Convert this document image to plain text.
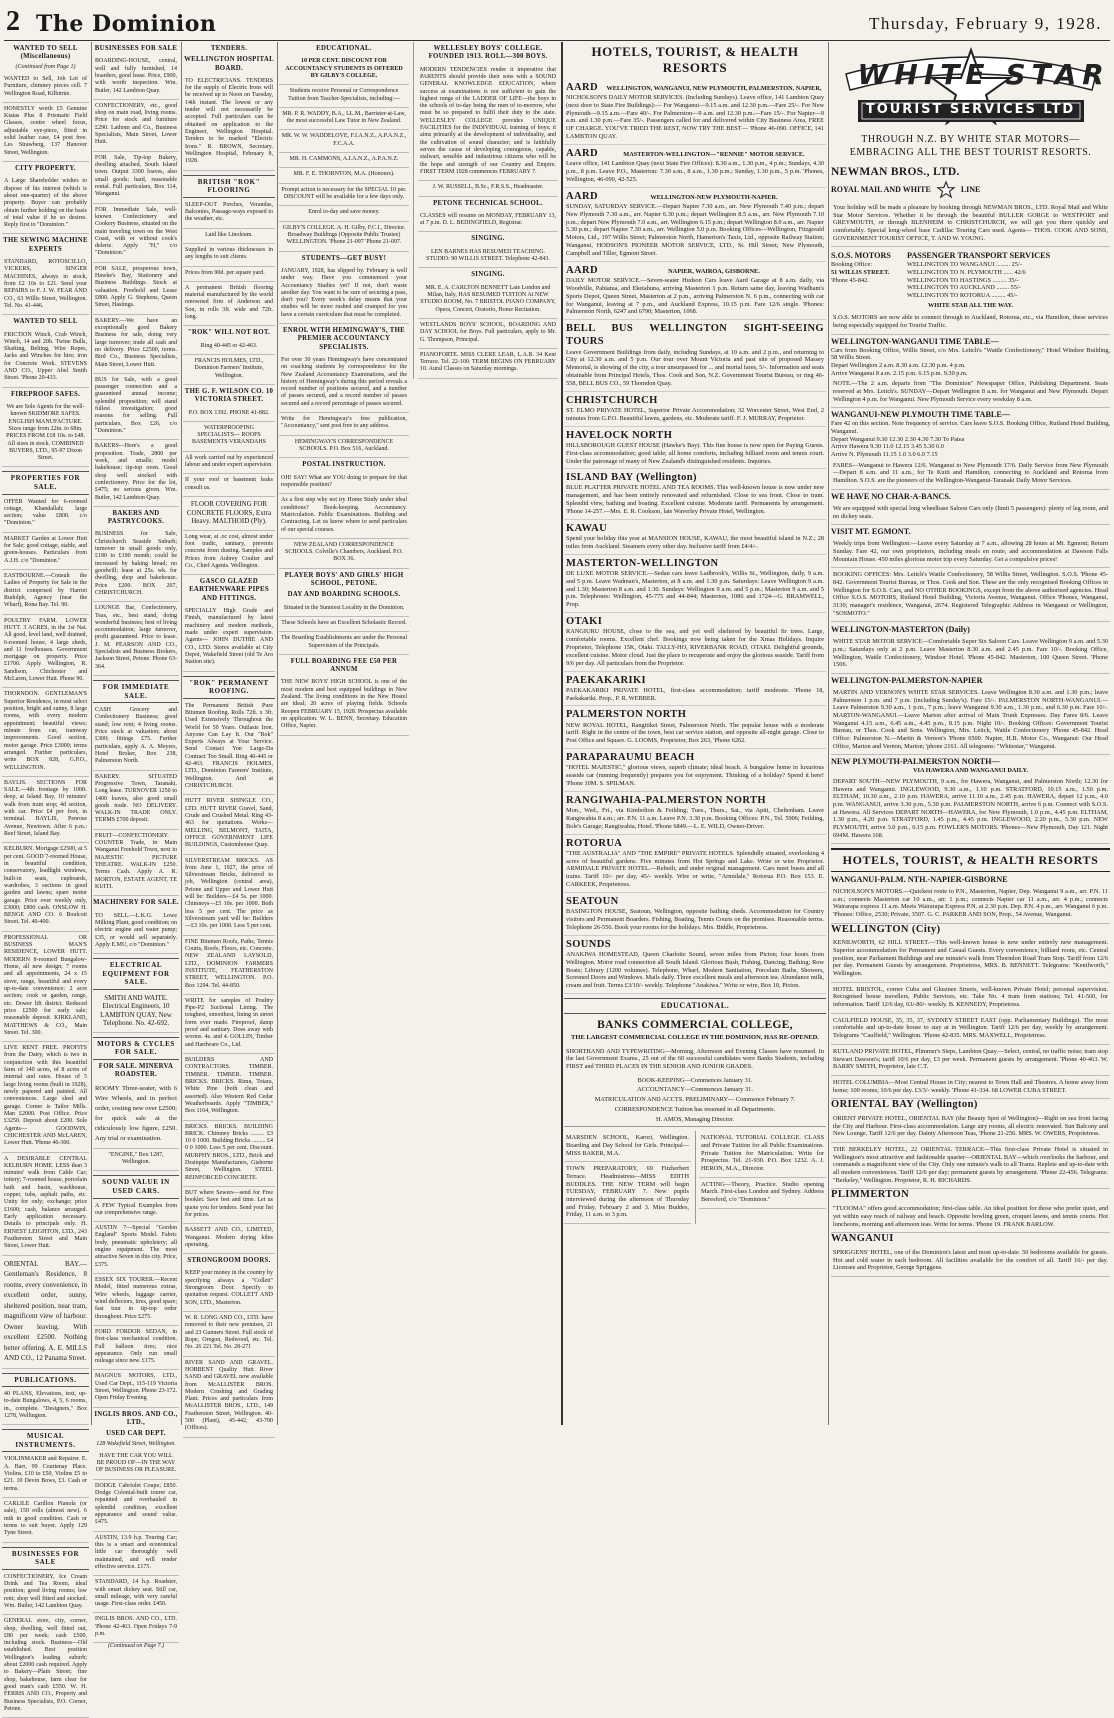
2 The Dominion	Thursday, February 9, 1928.
WANTED TO SELL (Miscellaneous)
(Continued from Page 1)
WANTED to Sell, Job Lot of Furniture, chimney pieces cell. 7 Wellington Road, Kilbirnie.
HONESTLY worth £5 Genuine Kiatas Plus 8 Prismatic Field Glasses, centre wheel focus, adjustable eye-piece, fitted in solid leather case, £4 post free. Les Strawberg, 137 Hanover Street, Wellington.
CITY PROPERTY.
A Large Shareholder wishes to dispose of his interest (which is about one-quarter) of the above property. Buyer can probably obtain further holding on the basis of total value if he so desires. Reply first to "Dominion."
THE SEWING MACHINE EXPERTS
STANDARD, ROTOSCILLO, VICKERS, SINGER MACHINES, always in stock, from £2 10s to £21. Send your REPAIRS to F. J. W. FEAR AND CO., 63 Willis Street, Wellington. Tel. No. 41-446.
WANTED TO SELL
FRICTION Winch, Crab Winch, Winch, 14 and 20h. Twine Bulls, Shafting, Belting, Wire Ropes, Jacks and Winches for hire; iron for Concrete Work. STEVENS AND CO., Upper Abel Smith Street. 'Phone 20-433.
FIREPROOF SAFES.
We are Sole Agents for the well-known SKIDMORE SAFES. ENGLISH MANUFACTURE. Sizes range from 22in. to 68in. PRICES FROM £18 10s. to £48. All sizes in stock. COMBINED BUYERS, LTD., 95-97 Dixon Street.
PROPERTIES FOR SALE.
OFFER Wanted for 6-roomed cottage, Khandallah; large section; value £800. c/o "Dominion."
MARKET Garden at Lower Hutt for Sale; good cottage, stable, and green-houses. Particulars from A.J.H. c/o "Dominion."
EASTBOURNE.—Consult the Ladies of Property for Sale in the district comprised by Harriet Rudolph, Agency (near the Wharf), Rona Bay. Tel. 90.
POULTRY FARM. LOWER HUTT. 3 ACRES, in the 1st Nat. All good, level land, well drained, 6-roomed house, 4 large sheds, and 11 fowlhouses. Government mortgage on property. Price £1700. Apply Wellington, R. Sandison, Chichester and McLaren, Lower Hutt. Phone 90.
THORNDON. GENTLEMAN'S Superior Residence, in most select position, bright and sunny, 8 large rooms, with every modern appointment; beautiful views; minute from car, tramway improvements. Good section, motor garage. Price £3000; terms arranged. Further particulars, write BOX 828, G.P.O., WELLINGTON.
BAYLIS. SECTIONS FOR SALE.—4th frontage by 100ft. deep, at Island Bay, 10 minutes' walk from tram stop; 4d section, with car. Price £4 per foot, in terminal. BAYLIS, Penrose Avenue, Newtown. After 6 p.m.: Reef Street, Island Bay.
KELBURN. Mortgage £2500, at 5 per cent. GOOD 7-roomed House, in beautiful condition, conservatory, leadlight windows, built-in seats, cupboards, wardrobes, 3 sections in good garden and lawns; spare motor garage. Price over weekly only, £3000; £800 cash. ONSLOW H. BENGE AND CO. 6 Boulcott Street. Tel. 40-400.
PROFESSIONAL OR BUSINESS MAN'S RESIDENCE, LOWER HUTT. MODERN 8-roomed Bungalow-Home, all new design; 7 rooms and all appointments, 24 x 15 stove, range, beautiful and every up-to-date convenience; 2 acre section; cook or garden, range, etc. Dower lift district. Reduced price £2500 for early sale; reasonable deposit. KIRKLAND, MATTHEWS & CO., Main Street. Tel. 300.
LIVE RENT FREE. PROFITS from the Dairy, which is two in conjunction with this beautiful farm of 140 acres, of 8 acres of internal and rates. House of 5 large living rooms (built in 1928), newly papered and painted. All conveniences. Large shed and garage. Corner is Tailor Mills. Man £2000. Post Office. Price £3250. Deposit about £200. Sole Agents— GOODWIN, CHICHESTER AND McLAREN, Lower Hutt. 'Phone 46-300.
A DESIRABLE CENTRAL KELBURN HOME. LESS than 3 minutes' walk from Cable Car; tottery; 7-roomed house, porcelain bath and basin, washhouse, copper, tubs, asphalt paths, etc. Unity for only; exchange; price £1600; cash, balance arranged. Early application necessary. Details to principals only. H. ERNEST LEIGHTON, LTD., 243 Featherston Street and Main Street, Lower Hutt.
ORIENTAL BAY.—Gentleman's Residence, 8 rooms, every convenience, in excellent order, sunny, sheltered position, near tram, magnificent view of harbour. Owner leaving. With excellent £2500. Nothing better offering. A. E. MILLS AND CO., 12 Panama Street.
PUBLICATIONS.
40 PLANS, Elevations, text, up-to-date Bungalows, 4, 5, 6 rooms, in., complete. "Designers," Box 1278, Wellington.
MUSICAL INSTRUMENTS.
VIOLINMAKER and Repairer. E. A. Barr, 99 Courtenay Place. Violins, £10 to £50, Violins £5 to £21. 10 Devin Bows, £3. Cash or terms.
CARLILE Carillon Pianola (or sale), 150 rolls (almost new). 6 mth in good condition. Cash or terms to suit buyer. Apply 129 Tyne Street.
BUSINESSES FOR SALE
CONFECTIONERY, Ice Cream Drink and Tea Room, ideal position; good living rooms; low rent; shop well fitted and stocked. Wm. Butler, 142 Lambton Quay.
GENERAL store, city, corner, shop, dwelling, well fitted out, £80 per week; cash £500, including stock. Business—Old established. Best position Wellington's leading suburb; about £2000 cash required. Apply to Bakery—Plain Street; fine shop, bakehouse, farm clear for good man's cash £550. W. H. FERRIS AND CO., Property and Business Specialists, P.O. Corner, Petone.
BUSINESSES FOR SALE
BOARDING-HOUSE, central, well and fully furnished, 14 boarders, good lease. Price, £900, with worth inspection. Wm. Butler, 142 Lambton Quay.
CONFECTIONERY, etc., good shop on main road, living rooms. Price for stock and furniture £290. Lathom and Co., Business Specialists, Main Street, Lower Hutt.
FOR Sale, Tip-top Bakery, dwelling attached, South Island town. Output 3300 loaves, also small goods; hard, reasonable rental. Full particulars, Box 114, Wanganui.
FOR Immediate Sale, well-known Confectionery and Cookery Business, situated on the main traveling town on the West Coast, with or without cook's delerie. Apply "H," c/o "Dominion."
FOR SALE, prosperous town, Hawke's Bay, Stationery and Business Buildings. Stock at valuation. Freehold and Lease £800. Apply G. Stephens, Queen Street, Hastings.
BAKERY.—We have an exceptionally good Bakery Business for sale, doing very large turnover; trade all cash and no delivery. Price £2500, terms. Bird Co., Business Specialists, Main Street, Lower Hutt.
BUS for Sale, with a good passenger connection and a guaranteed annual income; splendid proposition; will stand fullest investigation; good reasons for selling. Full particulars, Box £26, c/o "Dominion."
BAKERS—Here's a good proposition. Trade, 2800 per week, and smalls; model bakehouse; tip-top oven. Good shop well stocked with confectionery. Price for the lot, £475; no serious given. Wm. Butler, 142 Lambton Quay.
BAKERS AND PASTRYCOOKS.
BUSINESS for Sale, Christchurch Seaside Suburb; turnover in small goods only, £180 to £190 month; could be increased by baking bread; no goodwill; lease at 25s. wk. for dwelling, shop and bakehouse. Price £200. BOX 267, CHRISTCHURCH.
LOUNGE Bar, Confectionery, Teas, etc., best stand, doing wonderful business; best of living accommodation; large turnover, profit guaranteed. Price to lease. J. M. PEARSON AND CO., Specialists and Business Brokers, Jackson Street, Petone. Phone 63-364.
FOR IMMEDIATE SALE.
CASH Grocery and Confectionery Business; good stand; low rent; 4 living rooms. Price stock at valuation; about £300; fittings £75. Further particulars, apply A. A. Meyers, Hotel Broker, Box 238, Palmerston North.
BAKERY. SITUATED Progressive Town, Taranaki. Long lease. TURNOVER 1250 to 1400 loaves, also good small goods trade. NO DELIVERY. WALK-IN TRADE ONLY. TERMS £700 deposit.
FRUIT—CONFECTIONERY. COUNTER Trade, in Main Wanganui Freehold Town, next to MAJESTIC PICTURE THEATRE. WALK-IN £250. Terms Cash. Apply A. R. MORTON, ESTATE AGENT, TE KUITI.
MACHINERY FOR SALE.
TO SELL.—L.K.G. Lowe Milking Plant, good condition; on electric engine and water pump; £35, or would sell separately. Apply E.MU, c/o "Dominion."
ELECTRICAL EQUIPMENT FOR SALE.
SMITH AND WAITE. Electrical Engineers, 10 LAMBTON QUAY, New Telephone. No. 42-692.
MOTORS & CYCLES FOR SALE.
FOR SALE. MINERVA ROADSTER.
ROOMY Three-seater, with 6 Wire Wheels, and in perfect order, costing new over £2500; for quick sale at the ridiculously low figure, £250. Any trial or examination.
"ENGINE," Box 1287, Wellington.
SOUND VALUE IN USED CARS.
A FEW Typical Examples from our comprehensive range.
AUSTIN 7—Special "Gordon England" Sports Model. Fabric body, pneumatic upholstery; all engine equipment. The most attractive Seven in this city. Price, £375.
ESSEX SIX TOURER.—Recent Model, fitted numerous extras, Wire wheels, luggage carrier, wind deflectors, tires, good spare; fast tour in tip-top order throughout. Price £275.
FORD FORDOR SEDAN, in first-class mechanical condition. Full balloon tires; nice appearance. Only run small mileage since new. £175.
MAGNUS MOTORS, LTD., Used Car Dept., 115-119 Victoria Street, Wellington. Phone 23-172. Open Friday Evening
INGLIS BROS. AND CO., LTD.,
USED CAR DEPT.
128 Wakefield Street, Wellington.
HAVE THE CAR YOU WILL BE PROUD OF—IN THE WAY OF BUSINESS OR PLEASURE.
DODGE Cabriolet Coupe; £850. Dodge Colonial-built tourer car, repainted and overhauled in splendid condition, excellent appearance and sound value. £475.
AUSTIN, 13.9 h.p. Touring Car; this is a smart and economical little car thoroughly well maintained, and will render effective service. £175.
STANDARD, 14 h.p. Roadster, with smart dickey seat. Still car, small mileage, with very careful usage. First-class order. £450.
INGLIS BROS. AND CO., LTD. 'Phone 42-463. Open Fridays 7-9 p.m.
(Continued on Page 7.)
TENDERS.
WELLINGTON HOSPITAL BOARD.
TO ELECTRICIANS. TENDERS for the supply of Electric Irons will be received up to Noon on Tuesday, 14th instant. The lowest or any tender will not necessarily be accepted. Full particulars can be obtained on application to the Engineer, Wellington Hospital. Tenders to be marked "Electric Irons." R. BROWN, Secretary. Wellington Hospital, February 8, 1928.
BRITISH "ROK" FLOORING
SLEEP-OUT Porches, Verandas, Balconies, Passage-ways exposed to the weather, etc.
Laid like Linoleum.
Supplied in various thicknesses in any lengths to suit clients.
Prices from 90d. per square yard.
A permanent British flooring material manufactured by the world renowned firm of Anderson and Son, in rolls 3ft. wide and 72ft. long.
"ROK" WILL NOT ROT.
Ring 40-445 or 42-463.
FRANCIS HOLMES, LTD., Dominion Farmers' Institute, Wellington.
THE G. F. WILSON CO. 10 VICTORIA STREET.
P.O. BOX 1392. PHONE 41-882.
WATERPROOFING SPECIALISTS— ROOFS BASEMENTS VERANDAHS
All work carried out by experienced labour and under expert supervision.
If your roof or basement leaks consult us.
FLOOR COVERING FOR CONCRETE FLOORS, Extra Heavy. MALTHOID (Ply).
Long wear, at .oc cost, almost under foot tradic, sanitary, prevents concrete from dusting. Samples and Prices from Aubrey Coulter and Co., Chief Agents. Wellington.
GASCO GLAZED EARTHENWARE PIPES AND FITTINGS.
SPECIALLY High Grade and Finish, manufactured by latest machinery and modern methods, made under expert supervision. Agents— JOHN DUTHIE AND CO., LTD. Stores available at City Depot, Wakefield Street (old Te Aro Station site).
"ROK" PERMANENT ROOFING.
The Permanent British Pure Bitumen Roofing. Rolls 72ft. x 3ft. Used Extensively Throughout the World for 50 Years. Outlasts Iron. Anyone Can Lay It. Our "Rok" Experts Always at Your Service. Send Contact Yon Large-Da Contract Too Small. Ring 40-445 or 42-463. FRANCIS HOLMES, LTD., Dominion Farmers' Institute, Wellington. And at CHRISTCHURCH.
HUTT RIVER SHINGLE CO., LTD. HUTT RIVER Gravel, Sand, Crude and Crushed Metal. Ring 43-463 for quotations. Works— MELLING, BELMONT, TAITA, OFFICE GOVERNMENT LIFE BUILDINGS, Customhouse Quay.
SILVERSTREAM BRICKS. AS from June 1, 1927, the price of Silverstream Bricks, delivered to job, Wellington (central area), Petone and Upper and Lower Hutt will be: Builders—£4 5s. per 1000. Chimneys—£5 10s. per 1000. Both less 5 per cent. The price as Silverstream yard will be: Builders—£3 10s. per 1000. Less 5 per cent.
FINE Bitumen Roofs, Paths, Tennis Courts, Roofs, Floors, etc. Concrete. NEW ZEALAND LAYSOLD, LTD., DOMINION FARMERS INSTITUTE, FEATHERSTON STREET, WELLINGTON. P.O. Box 1294. Tel. 44-850.
WRITE for samples of Poultry Pipe-P2 Suctional Lining. The toughest, smoothest, lining in street form ever made. Fireproof, damp proof and sanitary. Does away with worms. 4s. and 4. GOLLIN, Timber and Hardware Co., Ltd.
BUILDERS AND CONTRACTORS. TIMBER. TIMBER. TIMBER. TIMBER. BRICKS. BRICKS. Rimu, Totara, White Pine (both clean and assorted). Also Western Red Cedar Weatherboards. Apply "TIMBER," Box 1164, Wellington.
BRICKS. BRICKS. BUILDING BRICK. Chimney Bricks ......... £3 10 0 1000. Building Bricks ......... £4 0 0 1000. Less 5 per cent. Discount. MURPHY BROS., LTD., Brick and Drainpipe Manufacturers, Gisborne Street, Wellington. STEEL REINFORCED CONCRETE.
BUT where Sewers—send for Free booklet. Save feet and time. Let us quote you for tenders. Send your list for prices.
BASSETT AND CO., LIMITED, Wanganui. Modern drying kilns operating.
STRONGROOM DOORS.
KEEP your money in the country by specifying always a "Collett" Strongroom Door. Specify to quotation request. COLLETT AND SON, LTD., Masterton.
W. R. LONG AND CO., LTD. have removed to their new premises, 21 and 23 Gunners Street. Full stock of Rope, Oregon, Redwood, etc. Tel. No. 26 221 Tel. No. 28-271
RIVER SAND AND GRAVEL. HOBBENT Quality Hutt River SAND and GRAVEL now available from McALLISTER BROS. Modern Crushing and Grading Plant. Prices and particulars from McALLISTER BROS., LTD., 149 Featherston Street, Wellington. 40-500 (Plant), 45-442, 43-700 (Offices).
EDUCATIONAL.
10 PER CENT. DISCOUNT FOR ACCOUNTANCY STUDENTS IS OFFERED BY GILBY'S COLLEGE.
Students receive Personal or Correspondence Tuition from Teacher-Specialists, including:—
MR. P. R. WADDY, B.A., LL.M., Barrister-at-Law, the most successful Law Tutor in New Zealand.
MR. W. W. WADDELOVE, F.I.A.N.Z., A.P.A.N.Z., F.C.A.A.
MR. H. CAMMONS, A.I.A.N.Z., A.P.A.N.Z.
MR. F. E. THORNTON, M.A. (Honours).
Prompt action is necessary for the SPECIAL 10 per. DISCOUNT will be available for a few days only.
Enrol to-day and save money.
GILBY'S COLLEGE. A. H. Gilby, F.C.I., Director. Broadway Buildings (Opposite Public Trustee) WELLINGTON. 'Phone 21-097 'Phone 21-097.
STUDENTS—GET BUSY!
JANUARY, 1928, has slipped by. February is well under way. Have you commenced your Accountancy Studies yet? If not, don't waste another day. You want to be sure of securing a pass, don't you? Every week's delay means that your studies will be more rushed and cramped for you have a certain curriculum that must be completed.
ENROL WITH HEMINGWAY'S, THE PREMIER ACCOUNTANCY SPECIALISTS.
For over 30 years Hemingway's have concentrated on coaching students by correspondence for the New Zealand Accountancy Examinations, and the history of Hemingway's during this period reveals a record number of positions secured, and a number of passes secured, and a record number of passes secured and a record percentage of passes secured.
Write for Hemingway's free publication, "Accountancy," sent post free to any address.
HEMINGWAY'S CORRESPONDENCE SCHOOLS. P.O. Box 516, Auckland.
POSTAL INSTRUCTION.
OH! SAY! What are YOU doing to prepare for that responsible position?
As a first step why not try Home Study under ideal conditions? Book-keeping. Accountancy. Matriculation. Public Examinations. Building and Contracting. Let us know where to send particulars of our special courses.
NEW ZEALAND CORRESPONDENCE SCHOOLS. Colville's Chambers, Auckland. P.O. BOX 36.
PLAYER BOYS' AND GIRLS' HIGH SCHOOL, PETONE.
DAY AND BOARDING SCHOOLS.
Situated in the Sunniest Locality in the Dominion.
These Schools have an Excellent Scholastic Record.
The Boarding Establishments are under the Personal Supervision of the Principals.
FULL BOARDING FEE £50 PER ANNUM
THE NEW BOYS' HIGH SCHOOL is one of the most modern and best equipped buildings in New Zealand. The living conditions in the New Hostel are ideal; 20 acres of playing fields. Schools Reopen FEBRUARY 15, 1928. Prospectus available on application. W. L. BENN, Secretary. Education Office, Napier.
WELLESLEY BOYS' COLLEGE. FOUNDED 1913. ROLL—300 BOYS.
MODERN TENDENCIES render it imperative that PARENTS should provide their sons with a SOUND GENERAL KNOWLEDGE EDUCATION, where success at examinations is not sufficient to gain the highest rungs of the LADDER OF LIFE—the boys in the schools of to-day being the men of to-morrow, who must be so prepared to fulfil their duty to the state. WELLESLEY COLLEGE provides UNIQUE FACILITIES for the INDIVIDUAL training of boys; it aims primarily at the development of individuality, and the cultivation of sound character; and is faithfully serves the cause of developing courageous, capable, stalwart, sensible and industrious citizens who will be the hope and strength of our Country and Empire. FIRST TERM 1928 commences FEBRUARY 7.
J. W. RUSSELL, B.Sc., F.R.S.S., Headmaster.
PETONE TECHNICAL SCHOOL.
CLASSES will resume on MONDAY, FEBRUARY 13, at 7 p.m. D. L. BEDINGFIELD, Registrar.
SINGING.
LEN BARNES HAS RESUMED TEACHING. STUDIO: 90 WILLIS STREET. Telephone 42-843.
SINGING.
MR. E. A. CARLTON BENNETT Late London and Milan, Italy, HAS RESUMED TUITION At NEW STUDIO ROOM, No. 7 BRISTOL PIANO COMPANY, Opera, Concert, Oratorio, Home Recitation.
WESTLANDS BOYS' SCHOOL, BOARDING AND DAY SCHOOL for Boys. Full particulars, apply to Mr. G. Thompson, Principal.
PIANOFORTE. MISS CLERE LEAR, L.A.B. 34 Kent Terrace. Tel. 22-100. TERM BEGINS ON FEBRUARY 10. Aural Classes on Saturday mornings.
HOTELS, TOURIST, & HEALTH RESORTS
AARD	WELLINGTON, WANGANUI, NEW PLYMOUTH, PALMERSTON, NAPIER,
NICHOLSON'S DAILY MOTOR SERVICES. (Including Sundays). Leave office, 141 Lambton Quay (next door to State Fire Buildings):— For Wanganui—9.15 a.m. and 12.30 p.m.—Fare 25/-. For New Plymouth—9.15 a.m.—Fare 40/-. For Palmerston—9 a.m. and 12.30 p.m.—Fare 15/-. For Napier—9 a.m. and 1.30 p.m.—Fare 35/-. Passengers called for and delivered within City Business Area, FREE OF CHARGE. YOU'VE TRIED THE REST, NOW TRY THE BEST— 'Phone 46-090. OFFICE, 141 LAMBTON QUAY.
AARD	MASTERTON-WELLINGTON—"RENNIE" MOTOR SERVICE.
Leave office, 141 Lambton Quay (next State Fire Offices): 8.30 a.m., 1.30 p.m., 4 p.m.; Sundays, 4.30 p.m., 8 p.m. Leave P.O., Masterton: 7.30 a.m., 8 a.m., 1.30 p.m.; Sunday, 1.30 p.m., 5 p.m. 'Phones, Wellington, 46-090, 42-525.
AARD	WELLINGTON-NEW PLYMOUTH-NAPIER.
SUNDAY, SATURDAY SERVICE.—Depart Napier 7.30 a.m., arr. New Plymouth 7.40 p.m.; depart New Plymouth 7.30 a.m., arr. Napier 6.30 p.m.; depart Wellington 8.5 a.m., arr. New Plymouth 7.10 p.m.; depart New Plymouth 7.0 a.m., arr. Wellington 6.15 p.m.; depart Wellington 8.0 a.m., arr. Napier 5.30 p.m.; depart Napier 7.30 a.m., arr. Wellington 5.0 p.m. Booking Offices—Wellington, Fitzgerald Motors, Ltd., 197 Willis Street; Palmerston North, Hamerton's Taxis, Ltd., opposite Railway Station; Wanganui, HODSON'S PIONEER MOTOR SERVICE, LTD., St. Hill Street; New Plymouth, Campbell and Tiller, Egmont Street.
AARD	NAPIER, WAIROA, GISBORNE.
DAILY MOTOR SERVICE.—Seven-seater Hudson Cars leave Aard Garage at 8 a.m. daily, via Woodville, Pahiatua, and Eketahuna, arriving Masterton 1 p.m. Return same day, leaving Wadham's Sports Depot, Queen Street, Masterton at 2 p.m., arriving Palmerston N. 6 p.m., connecting with car for Wanganui, leaving at 7 p.m., and Auckland Express, 10.15 p.m. Fare 12/6 single. 'Phones: Palmerston North, 6247 and 6790; Masterton, 1068.
BELL BUS WELLINGTON SIGHT-SEEING TOURS
Leave Government Buildings from daily, including Sundays, at 10 a.m. and 2 p.m., and returning to City at 12.30 a.m. and 5 p.m. Our tour over Mount Victoria and past site of proposed Massey Memorial, is showing of the city, a tour unsurpassed for ... and mortal fares, 5/-. Information and seats obtainable from Principal Hotels, Thos. Cook and Son, N.Z. Government Tourist Bureau, or ring 46-558, BELL BUS CO., 59 Thorndon Quay.
CHRISTCHURCH
ST. ELMO PRIVATE HOTEL, Superior Private Accommodation; 32 Worcester Street, West End, 2 minutes from G.P.O. Beautiful lawns, gardens, etc. Moderate tariff. F. J. MURRAY, Proprietor.
HAVELOCK NORTH
HILLSBOROUGH GUEST HOUSE (Hawke's Bay). This fine house is now open for Paying Guests. First-class accommodation; good table; all home comforts, including billiard room and tennis court. Under the patronage of many of New Zealand's distinguished residents. Inquiries.
ISLAND BAY (Wellington)
BLUE PLATTER PRIVATE HOTEL AND TEA ROOMS. This well-known house is now under new management, and has been entirely renovated and refurnished. Close to sea front. Close to tram. Splendid view, bathing and boating. Excellent cuisine. Moderate tariff. Permanents by arrangement. 'Phone 14-257.—Mrs. E. R. Cookson, late Waverley Private Hotel, Wellington.
KAWAU
Spend your holiday this year at MANSION HOUSE, KAWAU, the most beautiful island in N.Z.; 28 miles from Auckland. Steamers every other day. Inclusive tariff from £4/4/-.
MASTERTON-WELLINGTON
DE LUXE MOTOR SERVICE.—Sedan cars leave Ladbrook's, Willis St., Wellington, daily, 9 a.m. and 5 p.m. Leave Wadman's, Masterton, at 8 a.m. and 1.30 p.m. Saturdays: Leave Wellington 9 a.m. and 1.30; Masterton 8 a.m. and 1.30. Sundays: Wellington 9 a.m. and 5 p.m.; Masterton 9 a.m. and 5 p.m. Telephones: Wellington, 45-775 and 44-844; Masterton, 1086 and 1724—G. BRAMWELL, Prop.
OTAKI
RANGIURU HOUSE, close to the sea, and yet well sheltered by beautiful fir trees. Large, comfortable rooms. Excellent chef. Bookings now being taken for the Xmas Holidays. Inquire Proprietor, Telephone 15K, Otaki. TALLY-HO, RIVERBANK ROAD, OTAKI. Delightful grounds, excellent cuisine. Motor cloud. Just the place to recuperate and enjoy the glorious seaside. Tariff from 9/6 per day. All particulars from the Proprietor.
PAEKAKARIKI
PAEKAKARIKI PRIVATE HOTEL, first-class accommodation; tariff moderate. 'Phone 18, Paekakariki. Prop., P. R. WEBBER.
PALMERSTON NORTH
NEW ROYAL HOTEL, Rangitikei Street, Palmerston North. The popular house with a moderate tariff. Right in the centre of the town, best car service station, and opposite all-night garage. Close to Post Office and Square. G. LOOMS, Proprietor, Box 263, 'Phone 6262.
PARAPARAUMU BEACH
"HOTEL MAJESTIC," glorious views, superb climate; ideal beach. A bungalow home in luxurious seaside car (running frequently) prepares you for enjoyment. Thinking of a holiday? Spend it here! 'Phone 10M. S. SPILMAN.
RANGIWAHIA-PALMERSTON NORTH
Mon., Wed., Fri., via Kimbolton & Feilding; Tues., Thurs., Sat., via Apiti, Cheltenham. Leave Rangiwahia 8 a.m.; arr. P.N. 11 a.m. Leave P.N. 3.30 p.m. Booking Offices: P.N., Tel. 5906; Feilding, Bole's Garage; Rangiwahia, Hotel. 'Phone 6849.—L. E. WILD, Owner-Driver.
ROTORUA
"THE AUSTRALIA" AND "THE EMPIRE" PRIVATE HOTELS. Splendidly situated, overlooking 4 acres of beautiful gardens. Five minutes from Hot Springs and Lake. Write or wire Proprietor. ARMIDALE PRIVATE HOTEL.—Rebuilt, and under original management. Cars meet buses and all trains. Tariff 10/- per day, 45/- weekly. Wire or write, "Armidale," Rotorua P.O. Box 153. E. CARKEEK, Proprietress.
SEATOUN
BASINGTON HOUSE, Seatoun, Wellington, opposite bathing sheds. Accommodation for Country visitors and Permanent Boarders. Fishing, Boating, Tennis Courts on the premises. Reasonable terms. Telephone 26-556. Book your rooms for the holidays. Mrs. Biddle, Proprietress.
SOUNDS
ANAKIWA HOMESTEAD, Queen Charlotte Sound, seven miles from Picton; four hours from Wellington. Motor road connection all South Island. Glorious Bush, Fishing, Dancing, Bathing; Row Boats; Library (1200 volumes). Telephone, Wharf, Modern Sanitation, Porcelain Baths, Showers, Screened Doors and Windows. Mails daily. Three excellent meals and afternoon tea. Abundance milk, cream and fruit. Terms £3/10/- weekly. Telephone "Anakiwa." Write or wire, Box 10, Picton.
EDUCATIONAL.
BANKS COMMERCIAL COLLEGE,
THE LARGEST COMMERCIAL COLLEGE IN THE DOMINION, HAS RE-OPENED.
SHORTHAND AND TYPEWRITING—Morning, Afternoon and Evening Classes have resumed. In the last Government Exams., 25 out of the 60 successful candidates were Banks Students, including FIRST and THIRD PLACES IN THE SENIOR AND JUNIOR GRADES.
BOOK-KEEPING—Commences January 31.
ACCOUNTANCY—Commences January 31.
MATRICULATION AND ACCTS. PRELIMINARY— Commence February 7.
CORRESPONDENCE Tuition has resumed in all Departments.
H. AMOS, Managing Director.
MARSDEN SCHOOL, Karori, Wellington. Boarding and Day School for Girls. Principal—MISS BAKER, M.A.
TOWN PREPARATORY, 69 Fitzherbert Terrace. Headmistress—MISS EDITH BUDDLES. THE NEW TERM will begin TUESDAY, FEBRUARY 7. New pupils interviewed during the afternoon of Thursday and Friday, February 2 and 3. Miss Buddes, Friday, 11 a.m. to 3 p.m.
NATIONAL TUTORIAL COLLEGE. CLASS and Private Tuition for all Public Examinations. Private Tuition for Matriculation. Write for Prospectus. Tel. 21-930. P.O. Box 1232. A. J. HERON, M.A., Director.
ACTING—Theory, Practice. Studio opening March. First-class London and Sydney. Address Beresford, c/o "Dominion."
WHITE STAR
TOURIST SERVICES LTD
THROUGH N.Z. BY WHITE STAR MOTORS—
EMBRACING ALL THE BEST TOURIST RESORTS.
NEWMAN BROS., LTD.
ROYAL MAIL AND WHITE	LINE
Your holiday will be made a pleasure by booking through NEWMAN BROS., LTD. Royal Mail and White Star Motor Services. Whether it be through the beautiful BULLER GORGE to WESTPORT and GREYMOUTH, or through BLENHEIM to CHRISTCHURCH, we will get you there quickly and comfortably. Special long-wheel base Cadillac Touring Cars used. Agents— THOS. COOK AND SONS, GOVERNMENT TOURIST OFFICE, T. AND W. YOUNG.
S.O.S. MOTORS
Booking Office:
51 WILLIS STREET.
'Phone 45-842.
PASSENGER TRANSPORT SERVICES
WELLINGTON TO WANGANUI ......... 25/-
WELLINGTON TO N. PLYMOUTH ...... 42/6
WELLINGTON TO HASTINGS ......... 35/-
WELLINGTON TO AUCKLAND ........ 55/-
WELLINGTON TO ROTORUA ......... 45/-
WHITE STAR ALL THE WAY.
S.O.S. MOTORS are now able to connect through to Auckland, Rotorua, etc., via Hamilton, these services being especially equipped for Tourist Traffic.
WELLINGTON-WANGANUI TIME TABLE—
Cars from Booking Office, Willis Street, c/o Mrs. Leitch's "Wattle Confectionery," Hotel Windsor Building, 58 Willis Street.
Depart Wellington 2 a.m. 8.30 a.m. 12.30 p.m. 4 p.m.
Arrive Wanganui 8 a.m. 2.15 p.m. 6.15 p.m. 9.30 p.m.
NOTE.—The 2 a.m. departs from "The Dominion" Newspaper Office, Publishing Department. Seats reserved at Mrs. Leitch's. SUNDAY—Depart Wellington 8 a.m. for Wanganui and New Plymouth. Depart Wellington 4 p.m. for Wanganui. New Plymouth Service every weekday 8 a.m.
WANGANUI-NEW PLYMOUTH TIME TABLE—
Fare 42 on this section. Note frequency of service. Cars leave S.O.S. Booking Office, Rutland Hotel Building, Wanganui.
Depart Wanganui 9.30 12.30 2.30 4.30 7.30 To Patea
Arrive Hawera 9.30 11.0 12.15 3.45 5.30 6.0
Arrive N. Plymouth 11.15 1.0 3.0 6.0 7.15
FARES—Wanganui to Hawera 12/6. Wanganui to New Plymouth 17/6. Daily Service from New Plymouth—Depart 8 a.m. and 11 a.m., for Te Kuiti and Hamilton, connecting to Auckland and Rotorua from Hamilton. S.O.S. are the pioneers of the Wellington-Wanganui-Taranaki Daily Motor Services.
WE HAVE NO CHAR-A-BANCS.
We are equipped with special long wheelbase Saloon Cars only (limit 5 passengers): plenty of leg room, and no dickey seats.
VISIT MT. EGMONT.
Weekly trips from Wellington:—Leave every Saturday at 7 a.m., allowing 28 hours at Mt. Egmont; Return Sunday. Fare 42, our own proprietors, including meals en route, and accommodation at Dawson Falls Mountain House. 450 miles glorious motor trip every Saturday. Get a compulsive prices!
BOOKING OFFICES: Mrs. Leitch's Wattle Confectionery, 58 Willis Street, Wellington. S.O.S. 'Phone 45-842. Government Tourist Bureau, or Thos. Cook and Son. These are the only recognised Booking Offices in Wellington for S.O.S. Cars, and NO OTHER BOOKINGS, except from the above authorised agencies. Head Office S.O.S. MOTORS, Rutland Hotel Building, Victoria Avenue, Wanganui. Office 'Phones, Wanganui, 3130; manager's residence, Wanganui, 2674. Registered Telegraphic Address in Wanganui or Wellington, "SOSMOTO."
WELLINGTON-MASTERTON (Daily)
WHITE STAR MOTOR SERVICE—Comfortable Super Six Saloon Cars. Leave Wellington 9 a.m. and 5.30 p.m.; Saturdays only at 2 p.m. Leave Masterton 8.30 a.m. and 2.45 p.m. Fare 10/-. Booking Office, Wellington, Wattle Confectionery, Windsor Hotel. 'Phone 45-842. Masterton, 100 Queen Street. 'Phone 1506.
WELLINGTON-PALMERSTON-NAPIER
MARTIN AND VERNON'S WHITE STAR SERVICES. Leave Wellington 8.30 a.m. and 1.30 p.m.; leave Palmerston 1 p.m. and 7 p.m. (including Sunday's). Fare 15/-. PALMERSTON NORTH-WANGANUI.—Leave Palmerston 9.30 a.m., 1 p.m., 7 p.m.; leave Wanganui 9.30 a.m., 1.30 p.m., and 6.30 p.m. Fare 10/-. MARTON-WANGANUI.—Leave Marton after arrival of Main Trunk Expresses. Day Fares 8/6. Leave Wanganui 4.15 a.m., 6.45 a.m., 4.45 p.m., 8.15 p.m. Night 10/-. Booking Offices: Government Tourist Bureau, or Thos. Cook and Sons. Wellington, Mrs. Leitch, Wattle Confectionery 'Phone 45-842. Head Office: Palmerston N.—Martin & Vernon's 'Phone 6500. Napier, H.B. Motor Co., Wanganui: Our Head Office, Marton and Vernon, Marton; 'phone 2161. All telegrams: "Whitestar," Wanganui.
NEW PLYMOUTH-PALMERSTON NORTH—
VIA HAWERA AND WANGANUI DAILY.
DEPART SOUTH—NEW PLYMOUTH, 9 a.m., for Hawera, Wanganui, and Palmerston North; 12.30 for Hawera and Wanganui. INGLEWOOD, 9.30 a.m., 1.10 p.m. STRATFORD, 10.15 a.m., 1.50 p.m. ELTHAM, 10.30 a.m., 2.10 p.m. HAWERA, arrive 11.10 a.m., 2.45 p.m. HAWERA, depart 12 p.m., 4.0 p.m. WANGANUI, arrive 3.30 p.m., 5.30 p.m. PALMERSTON NORTH, arrive 6 p.m. Connect with S.O.S. at Hawera. All Services DEPART NORTH—HAWERA, for New Plymouth, 1.0 p.m., 4.45 p.m. ELTHAM, 1.30 p.m., 4.20 p.m. STRATFORD, 1.45 p.m., 4.45 p.m. INGLEWOOD, 2.20 p.m., 5.30 p.m. NEW PLYMOUTH, arrive 3.0 p.m., 6.15 p.m. FOWLER'S MOTORS. 'Phones—New Plymouth, Day 121. Night 694M. Hawera 168.
HOTELS, TOURIST, & HEALTH RESORTS
WANGANUI-PALM. NTH.-NAPIER-GISBORNE
NICHOLSON'S MOTORS.—Quickest route to P.N., Masterton, Napier, Dep. Wanganui 9 a.m., arr. P.N. 11 a.m.; connects Masterton car 10 a.m., arr. 1 p.m.; connects Napier car 11 a.m., arr. 4 p.m.; connects Wairarapa express 11 a.m. Meets Wairarapa Express P.N. at 2.30 p.m. Dep. P.N. 4 p.m., arr. Wanganui 6 p.m. 'Phones: Office, 2530; Private, 3507. G. C. PARKER AND SON, Prop., 54 Avenue, Wanganui.
WELLINGTON (City)
KENILWORTH, 62 HILL STREET.—This well-known house is now under entirely new management. Superior accommodation for Permanent and Casual Guests. Every convenience, billiard room, etc. Central position, near Parliament Buildings and one minute's walk from Thorndon Road Tram Stop. Tariff from 12/6 per day. Permanent Guests by arrangement. Proprietress, MRS. B. BENNETT. Telegrams: "Kenilworth," Wellington.
HOTEL BRISTOL, corner Cuba and Ghuznee Streets, well-known Private Hotel; personal supervision. Recognised house travellers, Public Services, etc. Take No. 4 tram from stations; Tel. 41-560, for information. Tariff 12/6 day, 63/-80/- weekly. B. KENNEDY, Proprietress.
CAULFIELD HOUSE, 35, 35, 37, SYDNEY STREET EAST (opp. Parliamentary Buildings). The most comfortable and up-to-date house to stay at in Wellington. Tariff 12/6 per day, weekly by arrangement. Telegrams "Caulfield," Wellington. 'Phone 42-835. MRS. MAXWELL, Proprietress.
RUTLAND PRIVATE HOTEL, Plimmer's Steps, Lambton Quay.—Select, central, no traffic noise; tram stop Stewart Dawson's; tariff 10/6 per day, £3 per week. Permanent guests by arrangement. 'Phone 40-463. W. BARRY SMITH, Proprietor, late C.T.
HOTEL COLUMBIA—Most Central House in City; nearest to Town Hall and Theatres. A home away from home; 100 rooms; 10/6 per day. £3/3/- weekly. 'Phone 41-334. 68 LOWER CUBA STREET.
ORIENTAL BAY (Wellington)
ORIENT PRIVATE HOTEL, ORIENTAL BAY (the Beauty Spot of Wellington)—Right on sea front facing the City and Harbour. First-class accommodation. Large airy rooms, all electric renovated. Sun Balcony and New Lounge. Tariff 12/6 per day. Dainty Afternoon Teas, 'Phone 21-256. MRS. W. OWERS, Proprietress.
THE BERKELEY HOTEL, 22 ORIENTAL TERRACE—This first-class Private Hotel is situated in Wellington's most attractive and fashionable quarter—ORIENTAL BAY—which overlooks the harbour, and commands a magnificent view of the City. Only one minute's walk to all Trams. Replete and up-to-date with all modern conveniences. Tariff 12/6 per day; permanent guests by arrangement. 'Phone 22-456. Telegrams: "Berkeley," Wellington. Proprietor, R. H. RICHARDS.
PLIMMERTON
"TUOOMA" offers good accommodation; first-class table. An ideal position for those who prefer quiet, and yet within easy reach of railway and beach. Opposite bowling green, croquet lawns, and tennis courts. Hot luncheons, morning and afternoon teas. Write for terms. 'Phone 19. FRANK BARLOW.
WANGANUI
SPRIGGENS' HOTEL, one of the Dominion's latest and most up-to-date. 50 bedrooms available for guests. Hot and cold water in each bedroom. All facilities available for the comfort of all. Tariff 16/- per day. Licensee and Proprietor, George Spriggens.
